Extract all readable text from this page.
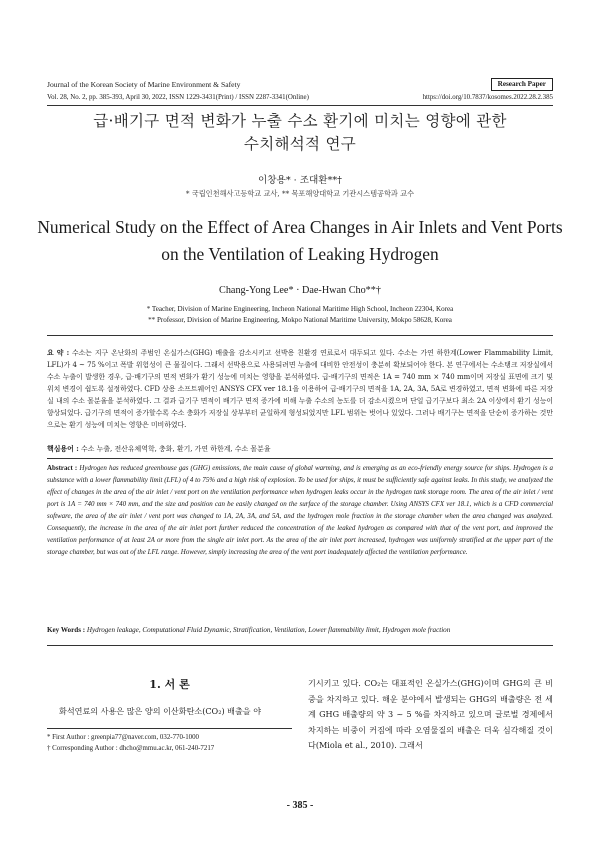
Journal of the Korean Society of Marine Environment & Safety	Research Paper
Vol. 28, No. 2, pp. 385-393, April 30, 2022, ISSN 1229-3431(Print) / ISSN 2287-3341(Online)	https://doi.org/10.7837/kosomes.2022.28.2.385
급·배기구 면적 변화가 누출 수소 환기에 미치는 영향에 관한
수치해석적 연구
이창용* · 조대환**†
* 국립인천해사고등학교 교사, ** 목포해양대학교 기관시스템공학과 교수
Numerical Study on the Effect of Area Changes in Air Inlets and Vent Ports
on the Ventilation of Leaking Hydrogen
Chang-Yong Lee* · Dae-Hwan Cho**†
* Teacher, Division of Marine Engineering, Incheon National Maritime High School, Incheon 22304, Korea
** Professor, Division of Marine Engineering, Mokpo National Maritime University, Mokpo 58628, Korea
요 약 : 수소는 지구 온난화의 주범인 온실가스(GHG) 배출을 감소시키고 선박용 친환경 연료로서 대두되고 있다. 수소는 가연 하한계(Lower Flammability Limit, LFL)가 4 ~ 75 %이고 폭발 위험성이 큰 물질이다. 그래서 선박용으로 사용되려면 누출에 대비한 안전성이 충분히 확보되어야 한다. 본 연구에서는 수소탱크 저장실에서 수소 누출이 발생한 경우, 급·배기구의 면적 변화가 환기 성능에 미치는 영향을 분석하였다. 급·배기구의 면적은 1A = 740 mm × 740 mm이며 저장실 표면에 크기 및 위치 변경이 쉽도록 설정하였다. CFD 상용 소프트웨어인 ANSYS CFX ver 18.1을 이용하여 급·배기구의 면적을 1A, 2A, 3A, 5A로 변경하였고, 면적 변화에 따른 저장실 내의 수소 몰분율을 분석하였다. 그 결과 급기구 면적이 배기구 면적 증가에 비해 누출 수소의 농도를 더 감소시켰으며 단일 급기구보다 최소 2A 이상에서 환기 성능이 향상되었다. 급기구의 면적이 증가할수록 수소 충화가 저장실 상부부터 균일하게 형성되었지만 LFL 범위는 벗어나 있었다. 그러나 배기구는 면적을 단순히 증가하는 것만으로는 환기 성능에 미치는 영향은 미비하였다.
핵심용어 : 수소 누출, 전산유체역학, 충화, 환기, 가연 하한계, 수소 몰분율
Abstract : Hydrogen has reduced greenhouse gas (GHG) emissions, the main cause of global warming, and is emerging as an eco-friendly energy source for ships. Hydrogen is a substance with a lower flammability limit (LFL) of 4 to 75% and a high risk of explosion. To be used for ships, it must be sufficiently safe against leaks. In this study, we analyzed the effect of changes in the area of the air inlet / vent port on the ventilation performance when hydrogen leaks occur in the hydrogen tank storage room. The area of the air inlet / vent port is 1A = 740 mm × 740 mm, and the size and position can be easily changed on the surface of the storage chamber. Using ANSYS CFX ver 18.1, which is a CFD commercial software, the area of the air inlet / vent port was changed to 1A, 2A, 3A, and 5A, and the hydrogen mole fraction in the storage chamber when the area changed was analyzed. Consequently, the increase in the area of the air inlet port further reduced the concentration of the leaked hydrogen as compared with that of the vent port, and improved the ventilation performance of at least 2A or more from the single air inlet port. As the area of the air inlet port increased, hydrogen was uniformly stratified at the upper part of the storage chamber, but was out of the LFL range. However, simply increasing the area of the vent port inadequately affected the ventilation performance.
Key Words : Hydrogen leakage, Computational Fluid Dynamic, Stratification, Ventilation, Lower flammability limit, Hydrogen mole fraction
1. 서 론
화석연료의 사용은 많은 양의 이산화탄소(CO₂) 배출을 야
기시키고 있다. CO₂는 대표적인 온실가스(GHG)이며 GHG의 큰 비중을 차지하고 있다. 해운 분야에서 발생되는 GHG의 배출량은 전 세계 GHG 배출량의 약 3 ~ 5 %를 차지하고 있으며 글로벌 경제에서 차지하는 비중이 커짐에 따라 오염물질의 배출은 더욱 심각해질 것이다(Miola et al., 2010). 그래서
* First Author : greenpia77@naver.com, 032-770-1000
† Corresponding Author : dhcho@mmu.ac.kr, 061-240-7217
- 385 -
